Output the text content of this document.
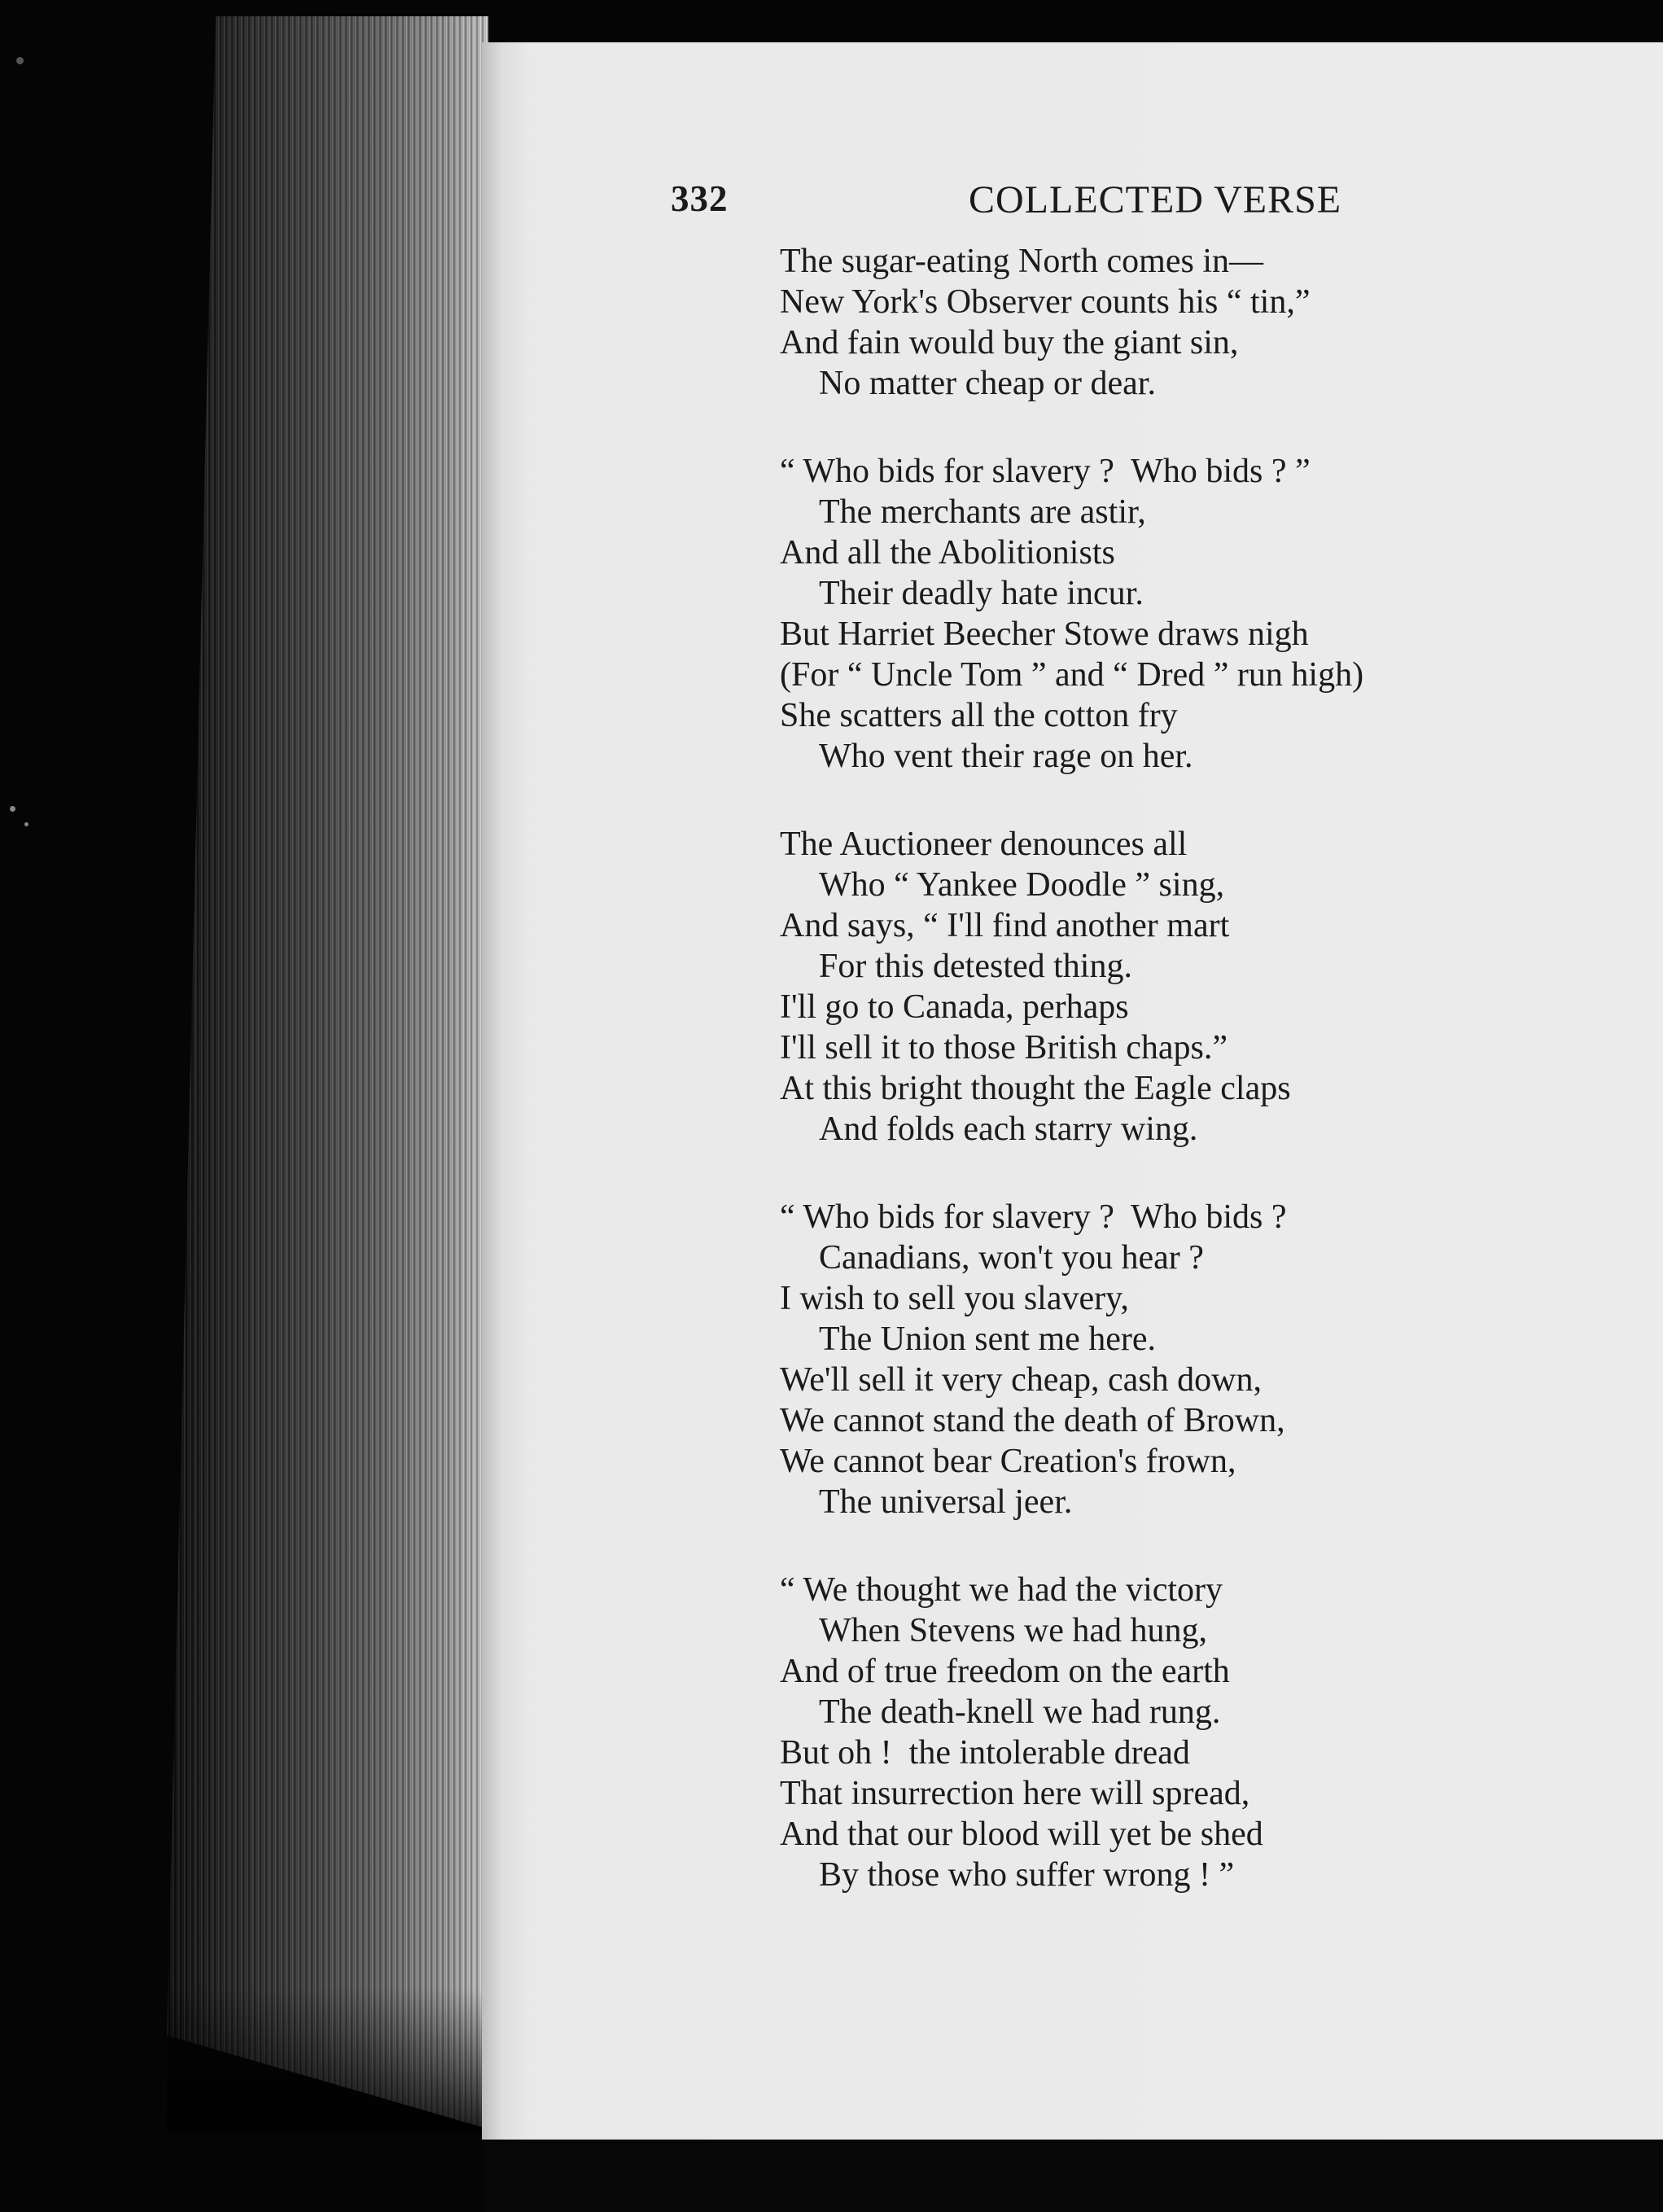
332	COLLECTED VERSE
The sugar-eating North comes in—
New York's Observer counts his “ tin,”
And fain would buy the giant sin,
No matter cheap or dear.
“ Who bids for slavery ?  Who bids ? ”
The merchants are astir,
And all the Abolitionists
Their deadly hate incur.
But Harriet Beecher Stowe draws nigh
(For “ Uncle Tom ” and “ Dred ” run high)
She scatters all the cotton fry
Who vent their rage on her.
The Auctioneer denounces all
Who “ Yankee Doodle ” sing,
And says, “ I'll find another mart
For this detested thing.
I'll go to Canada, perhaps
I'll sell it to those British chaps.”
At this bright thought the Eagle claps
And folds each starry wing.
“ Who bids for slavery ?  Who bids ?
Canadians, won't you hear ?
I wish to sell you slavery,
The Union sent me here.
We'll sell it very cheap, cash down,
We cannot stand the death of Brown,
We cannot bear Creation's frown,
The universal jeer.
“ We thought we had the victory
When Stevens we had hung,
And of true freedom on the earth
The death-knell we had rung.
But oh !  the intolerable dread
That insurrection here will spread,
And that our blood will yet be shed
By those who suffer wrong ! ”
